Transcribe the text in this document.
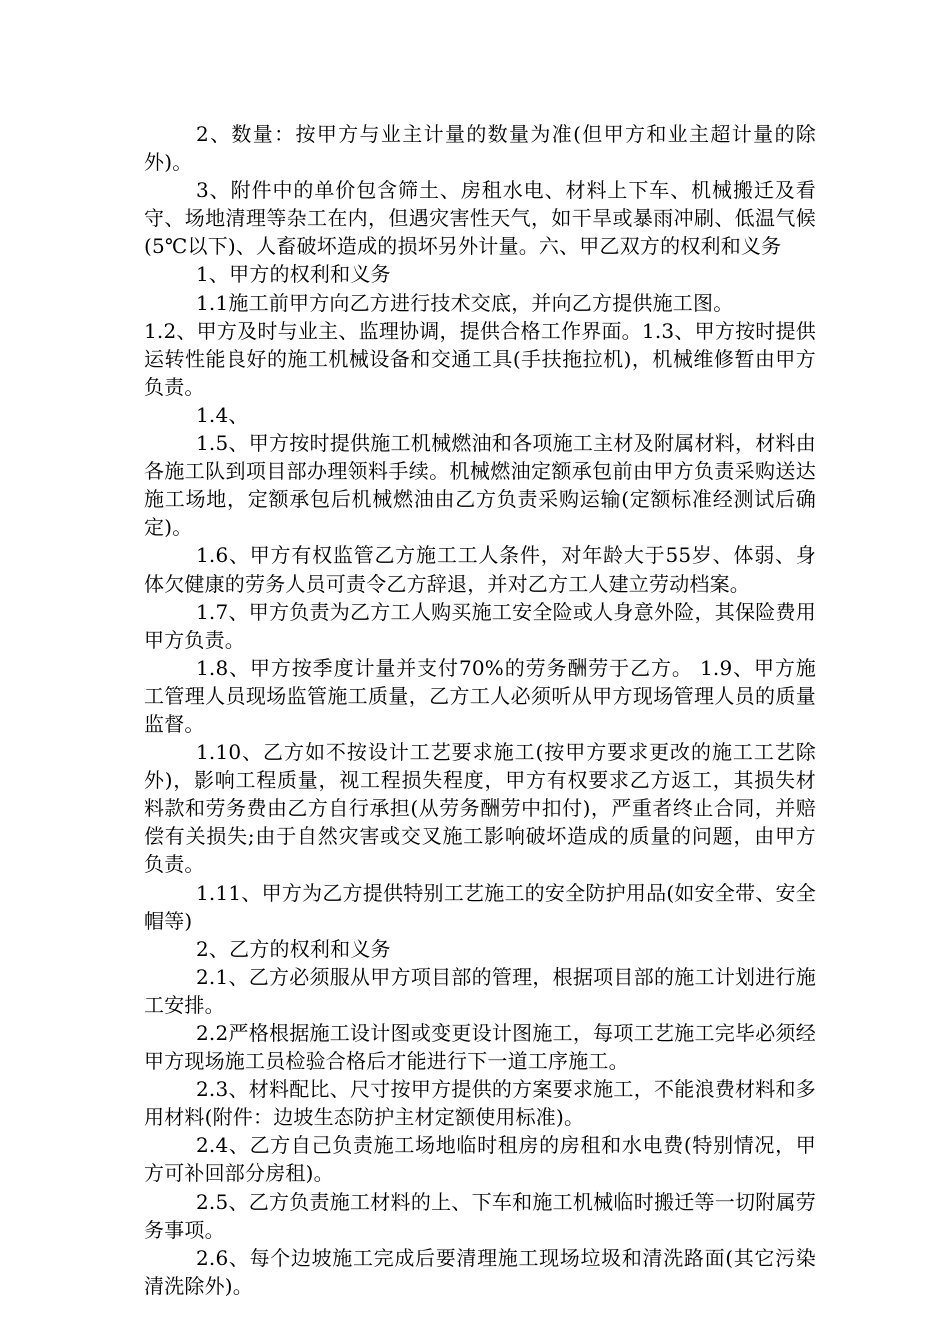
2、数量：按甲方与业主计量的数量为准(但甲方和业主超计量的除外)。

3、附件中的单价包含筛土、房租水电、材料上下车、机械搬迁及看守、场地清理等杂工在内，但遇灾害性天气，如干旱或暴雨冲刷、低温气候(5℃以下)、人畜破坏造成的损坏另外计量。六、甲乙双方的权利和义务

1、甲方的权利和义务

1.1施工前甲方向乙方进行技术交底，并向乙方提供施工图。

1.2、甲方及时与业主、监理协调，提供合格工作界面。1.3、甲方按时提供运转性能良好的施工机械设备和交通工具(手扶拖拉机)，机械维修暂由甲方负责。

1.4、

1.5、甲方按时提供施工机械燃油和各项施工主材及附属材料，材料由各施工队到项目部办理领料手续。机械燃油定额承包前由甲方负责采购送达施工场地，定额承包后机械燃油由乙方负责采购运输(定额标准经测试后确定)。

1.6、甲方有权监管乙方施工工人条件，对年龄大于55岁、体弱、身体欠健康的劳务人员可责令乙方辞退，并对乙方工人建立劳动档案。

1.7、甲方负责为乙方工人购买施工安全险或人身意外险，其保险费用甲方负责。

1.8、甲方按季度计量并支付70%的劳务酬劳于乙方。 1.9、甲方施工管理人员现场监管施工质量，乙方工人必须听从甲方现场管理人员的质量监督。

1.10、乙方如不按设计工艺要求施工(按甲方要求更改的施工工艺除外)，影响工程质量，视工程损失程度，甲方有权要求乙方返工，其损失材料款和劳务费由乙方自行承担(从劳务酬劳中扣付)，严重者终止合同，并赔偿有关损失;由于自然灾害或交叉施工影响破坏造成的质量的问题，由甲方负责。

1.11、甲方为乙方提供特别工艺施工的安全防护用品(如安全带、安全帽等)

2、乙方的权利和义务

2.1、乙方必须服从甲方项目部的管理，根据项目部的施工计划进行施工安排。

2.2严格根据施工设计图或变更设计图施工，每项工艺施工完毕必须经甲方现场施工员检验合格后才能进行下一道工序施工。

2.3、材料配比、尺寸按甲方提供的方案要求施工，不能浪费材料和多用材料(附件：边坡生态防护主材定额使用标准)。

2.4、乙方自己负责施工场地临时租房的房租和水电费(特别情况，甲方可补回部分房租)。

2.5、乙方负责施工材料的上、下车和施工机械临时搬迁等一切附属劳务事项。

2.6、每个边坡施工完成后要清理施工现场垃圾和清洗路面(其它污染清洗除外)。
